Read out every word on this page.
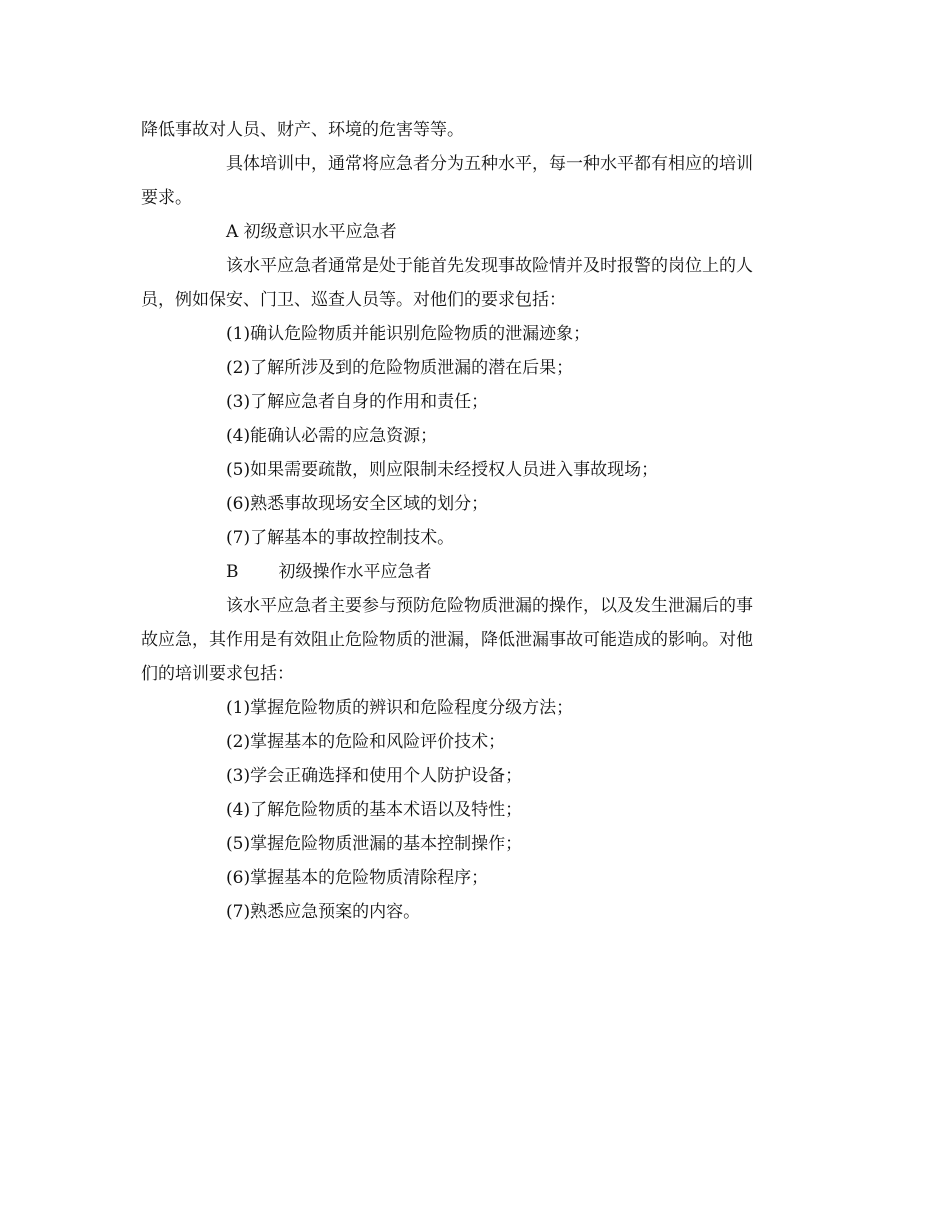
降低事故对人员、财产、环境的危害等等。
具体培训中，通常将应急者分为五种水平，每一种水平都有相应的培训
要求。
A 初级意识水平应急者
该水平应急者通常是处于能首先发现事故险情并及时报警的岗位上的人
员，例如保安、门卫、巡查人员等。对他们的要求包括：
(1)确认危险物质并能识别危险物质的泄漏迹象；
(2)了解所涉及到的危险物质泄漏的潜在后果；
(3)了解应急者自身的作用和责任；
(4)能确认必需的应急资源；
(5)如果需要疏散，则应限制未经授权人员进入事故现场；
(6)熟悉事故现场安全区域的划分；
(7)了解基本的事故控制技术。
B 初级操作水平应急者
该水平应急者主要参与预防危险物质泄漏的操作，以及发生泄漏后的事
故应急，其作用是有效阻止危险物质的泄漏，降低泄漏事故可能造成的影响。对他
们的培训要求包括：
(1)掌握危险物质的辨识和危险程度分级方法；
(2)掌握基本的危险和风险评价技术；
(3)学会正确选择和使用个人防护设备；
(4)了解危险物质的基本术语以及特性；
(5)掌握危险物质泄漏的基本控制操作；
(6)掌握基本的危险物质清除程序；
(7)熟悉应急预案的内容。
